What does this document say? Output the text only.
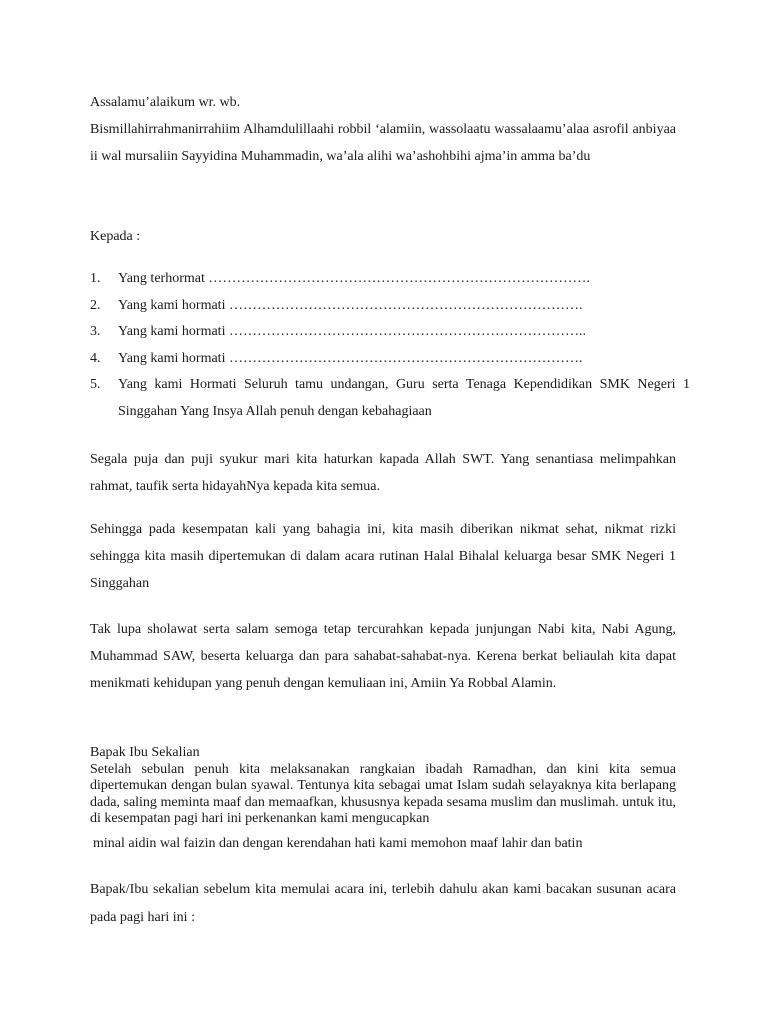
Assalamu’alaikum wr. wb.
Bismillahirrahmanirrahiim Alhamdulillaahi robbil ‘alamiin, wassolaatu wassalaamu’alaa asrofil anbiyaa ii wal mursaliin Sayyidina Muhammadin, wa’ala alihi wa’ashohbihi ajma’in amma ba’du
Kepada :
1.	Yang terhormat ……………………………………………………………………….
2.	Yang kami hormati ………………………………………………………………….
3.	Yang kami hormati …………………………………………………………………..
4.	Yang kami hormati ………………………………………………………………….
5.	Yang kami Hormati Seluruh tamu undangan, Guru serta Tenaga Kependidikan SMK Negeri 1 Singgahan Yang Insya Allah penuh dengan kebahagiaan
Segala puja dan puji syukur mari kita haturkan kapada Allah SWT. Yang senantiasa melimpahkan rahmat, taufik serta hidayahNya kepada kita semua.
Sehingga pada kesempatan kali yang bahagia ini, kita masih diberikan nikmat sehat, nikmat rizki sehingga kita masih dipertemukan di dalam acara rutinan Halal Bihalal keluarga besar SMK Negeri 1 Singgahan
Tak lupa sholawat serta salam semoga tetap tercurahkan kepada junjungan Nabi kita, Nabi Agung, Muhammad SAW, beserta keluarga dan para sahabat-sahabat-nya. Kerena berkat beliaulah kita dapat menikmati kehidupan yang penuh dengan kemuliaan ini, Amiin Ya Robbal Alamin.
Bapak Ibu Sekalian
Setelah sebulan penuh kita melaksanakan rangkaian ibadah Ramadhan, dan kini kita semua dipertemukan dengan bulan syawal. Tentunya kita sebagai umat Islam sudah selayaknya kita berlapang dada, saling meminta maaf dan memaafkan, khususnya kepada sesama muslim dan muslimah. untuk itu, di kesempatan pagi hari ini perkenankan kami mengucapkan
minal aidin wal faizin dan dengan kerendahan hati kami memohon maaf lahir dan batin
Bapak/Ibu sekalian sebelum kita memulai acara ini, terlebih dahulu akan kami bacakan susunan acara pada pagi hari ini :
